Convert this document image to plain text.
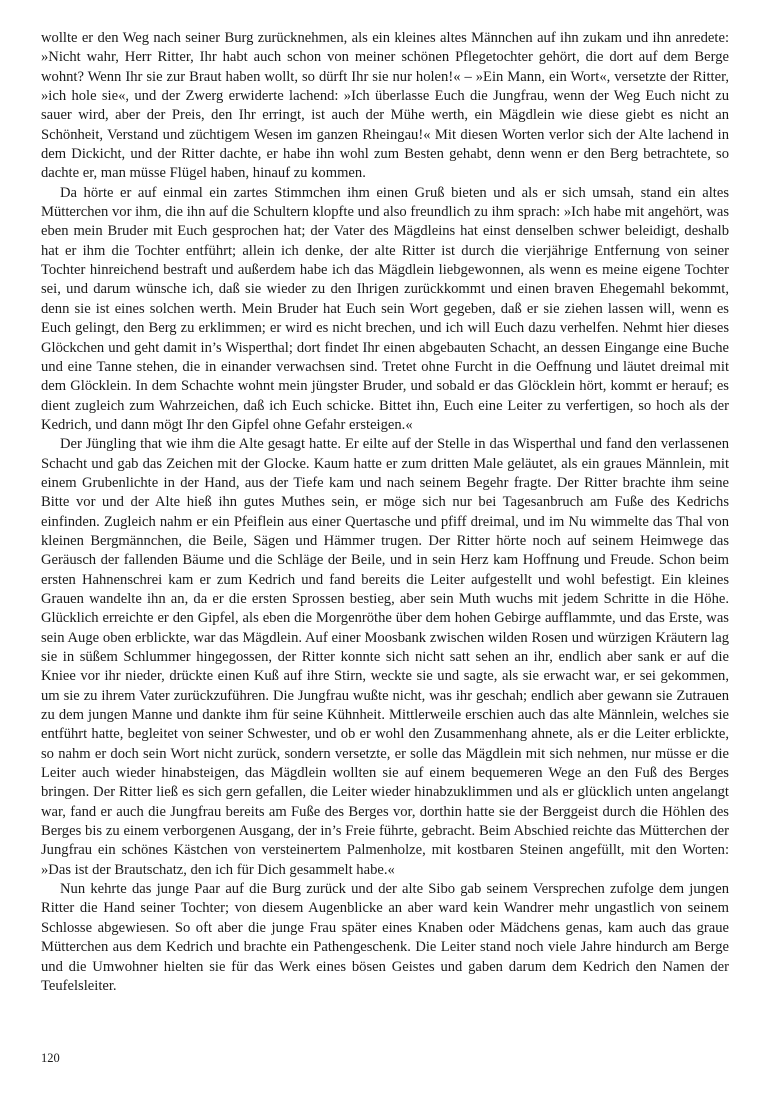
wollte er den Weg nach seiner Burg zurücknehmen, als ein kleines altes Männchen auf ihn zukam und ihn anredete: »Nicht wahr, Herr Ritter, Ihr habt auch schon von meiner schönen Pflegetochter gehört, die dort auf dem Berge wohnt? Wenn Ihr sie zur Braut haben wollt, so dürft Ihr sie nur holen!« – »Ein Mann, ein Wort«, versetzte der Ritter, »ich hole sie«, und der Zwerg erwiderte lachend: »Ich überlasse Euch die Jungfrau, wenn der Weg Euch nicht zu sauer wird, aber der Preis, den Ihr erringt, ist auch der Mühe werth, ein Mägdlein wie diese giebt es nicht an Schönheit, Verstand und züchtigem Wesen im ganzen Rheingau!« Mit diesen Worten verlor sich der Alte lachend in dem Dickicht, und der Ritter dachte, er habe ihn wohl zum Besten gehabt, denn wenn er den Berg betrachtete, so dachte er, man müsse Flügel haben, hinauf zu kommen.

Da hörte er auf einmal ein zartes Stimmchen ihm einen Gruß bieten und als er sich umsah, stand ein altes Mütterchen vor ihm, die ihn auf die Schultern klopfte und also freundlich zu ihm sprach: »Ich habe mit angehört, was eben mein Bruder mit Euch gesprochen hat; der Vater des Mägdleins hat einst denselben schwer beleidigt, deshalb hat er ihm die Tochter entführt; allein ich denke, der alte Ritter ist durch die vierjährige Entfernung von seiner Tochter hinreichend bestraft und außerdem habe ich das Mägdlein liebgewonnen, als wenn es meine eigene Tochter sei, und darum wünsche ich, daß sie wieder zu den Ihrigen zurückkommt und einen braven Ehegemahl bekommt, denn sie ist eines solchen werth. Mein Bruder hat Euch sein Wort gegeben, daß er sie ziehen lassen will, wenn es Euch gelingt, den Berg zu erklimmen; er wird es nicht brechen, und ich will Euch dazu verhelfen. Nehmt hier dieses Glöckchen und geht damit in’s Wisperthal; dort findet Ihr einen abgebauten Schacht, an dessen Eingange eine Buche und eine Tanne stehen, die in einander verwachsen sind. Tretet ohne Furcht in die Oeffnung und läutet dreimal mit dem Glöcklein. In dem Schachte wohnt mein jüngster Bruder, und sobald er das Glöcklein hört, kommt er herauf; es dient zugleich zum Wahrzeichen, daß ich Euch schicke. Bittet ihn, Euch eine Leiter zu verfertigen, so hoch als der Kedrich, und dann mögt Ihr den Gipfel ohne Gefahr ersteigen.«

Der Jüngling that wie ihm die Alte gesagt hatte. Er eilte auf der Stelle in das Wisperthal und fand den verlassenen Schacht und gab das Zeichen mit der Glocke. Kaum hatte er zum dritten Male geläutet, als ein graues Männlein, mit einem Grubenlichte in der Hand, aus der Tiefe kam und nach seinem Begehr fragte. Der Ritter brachte ihm seine Bitte vor und der Alte hieß ihn gutes Muthes sein, er möge sich nur bei Tagesanbruch am Fuße des Kedrichs einfinden. Zugleich nahm er ein Pfeiflein aus einer Quertasche und pfiff dreimal, und im Nu wimmelte das Thal von kleinen Bergmännchen, die Beile, Sägen und Hämmer trugen. Der Ritter hörte noch auf seinem Heimwege das Geräusch der fallenden Bäume und die Schläge der Beile, und in sein Herz kam Hoffnung und Freude. Schon beim ersten Hahnenschrei kam er zum Kedrich und fand bereits die Leiter aufgestellt und wohl befestigt. Ein kleines Grauen wandelte ihn an, da er die ersten Sprossen bestieg, aber sein Muth wuchs mit jedem Schritte in die Höhe. Glücklich erreichte er den Gipfel, als eben die Morgenröthe über dem hohen Gebirge aufflammte, und das Erste, was sein Auge oben erblickte, war das Mägdlein. Auf einer Moosbank zwischen wilden Rosen und würzigen Kräutern lag sie in süßem Schlummer hingegossen, der Ritter konnte sich nicht satt sehen an ihr, endlich aber sank er auf die Kniee vor ihr nieder, drückte einen Kuß auf ihre Stirn, weckte sie und sagte, als sie erwacht war, er sei gekommen, um sie zu ihrem Vater zurückzuführen. Die Jungfrau wußte nicht, was ihr geschah; endlich aber gewann sie Zutrauen zu dem jungen Manne und dankte ihm für seine Kühnheit. Mittlerweile erschien auch das alte Männlein, welches sie entführt hatte, begleitet von seiner Schwester, und ob er wohl den Zusammenhang ahnete, als er die Leiter erblickte, so nahm er doch sein Wort nicht zurück, sondern versetzte, er solle das Mägdlein mit sich nehmen, nur müsse er die Leiter auch wieder hinabsteigen, das Mägdlein wollten sie auf einem bequemeren Wege an den Fuß des Berges bringen. Der Ritter ließ es sich gern gefallen, die Leiter wieder hinabzuklimmen und als er glücklich unten angelangt war, fand er auch die Jungfrau bereits am Fuße des Berges vor, dorthin hatte sie der Berggeist durch die Höhlen des Berges bis zu einem verborgenen Ausgang, der in’s Freie führte, gebracht. Beim Abschied reichte das Mütterchen der Jungfrau ein schönes Kästchen von versteinertem Palmenholze, mit kostbaren Steinen angefüllt, mit den Worten: »Das ist der Brautschatz, den ich für Dich gesammelt habe.«

Nun kehrte das junge Paar auf die Burg zurück und der alte Sibo gab seinem Versprechen zufolge dem jungen Ritter die Hand seiner Tochter; von diesem Augenblicke an aber ward kein Wandrer mehr ungastlich von seinem Schlosse abgewiesen. So oft aber die junge Frau später eines Knaben oder Mädchens genas, kam auch das graue Mütterchen aus dem Kedrich und brachte ein Pathengeschenk. Die Leiter stand noch viele Jahre hindurch am Berge und die Umwohner hielten sie für das Werk eines bösen Geistes und gaben darum dem Kedrich den Namen der Teufelsleiter.

120
